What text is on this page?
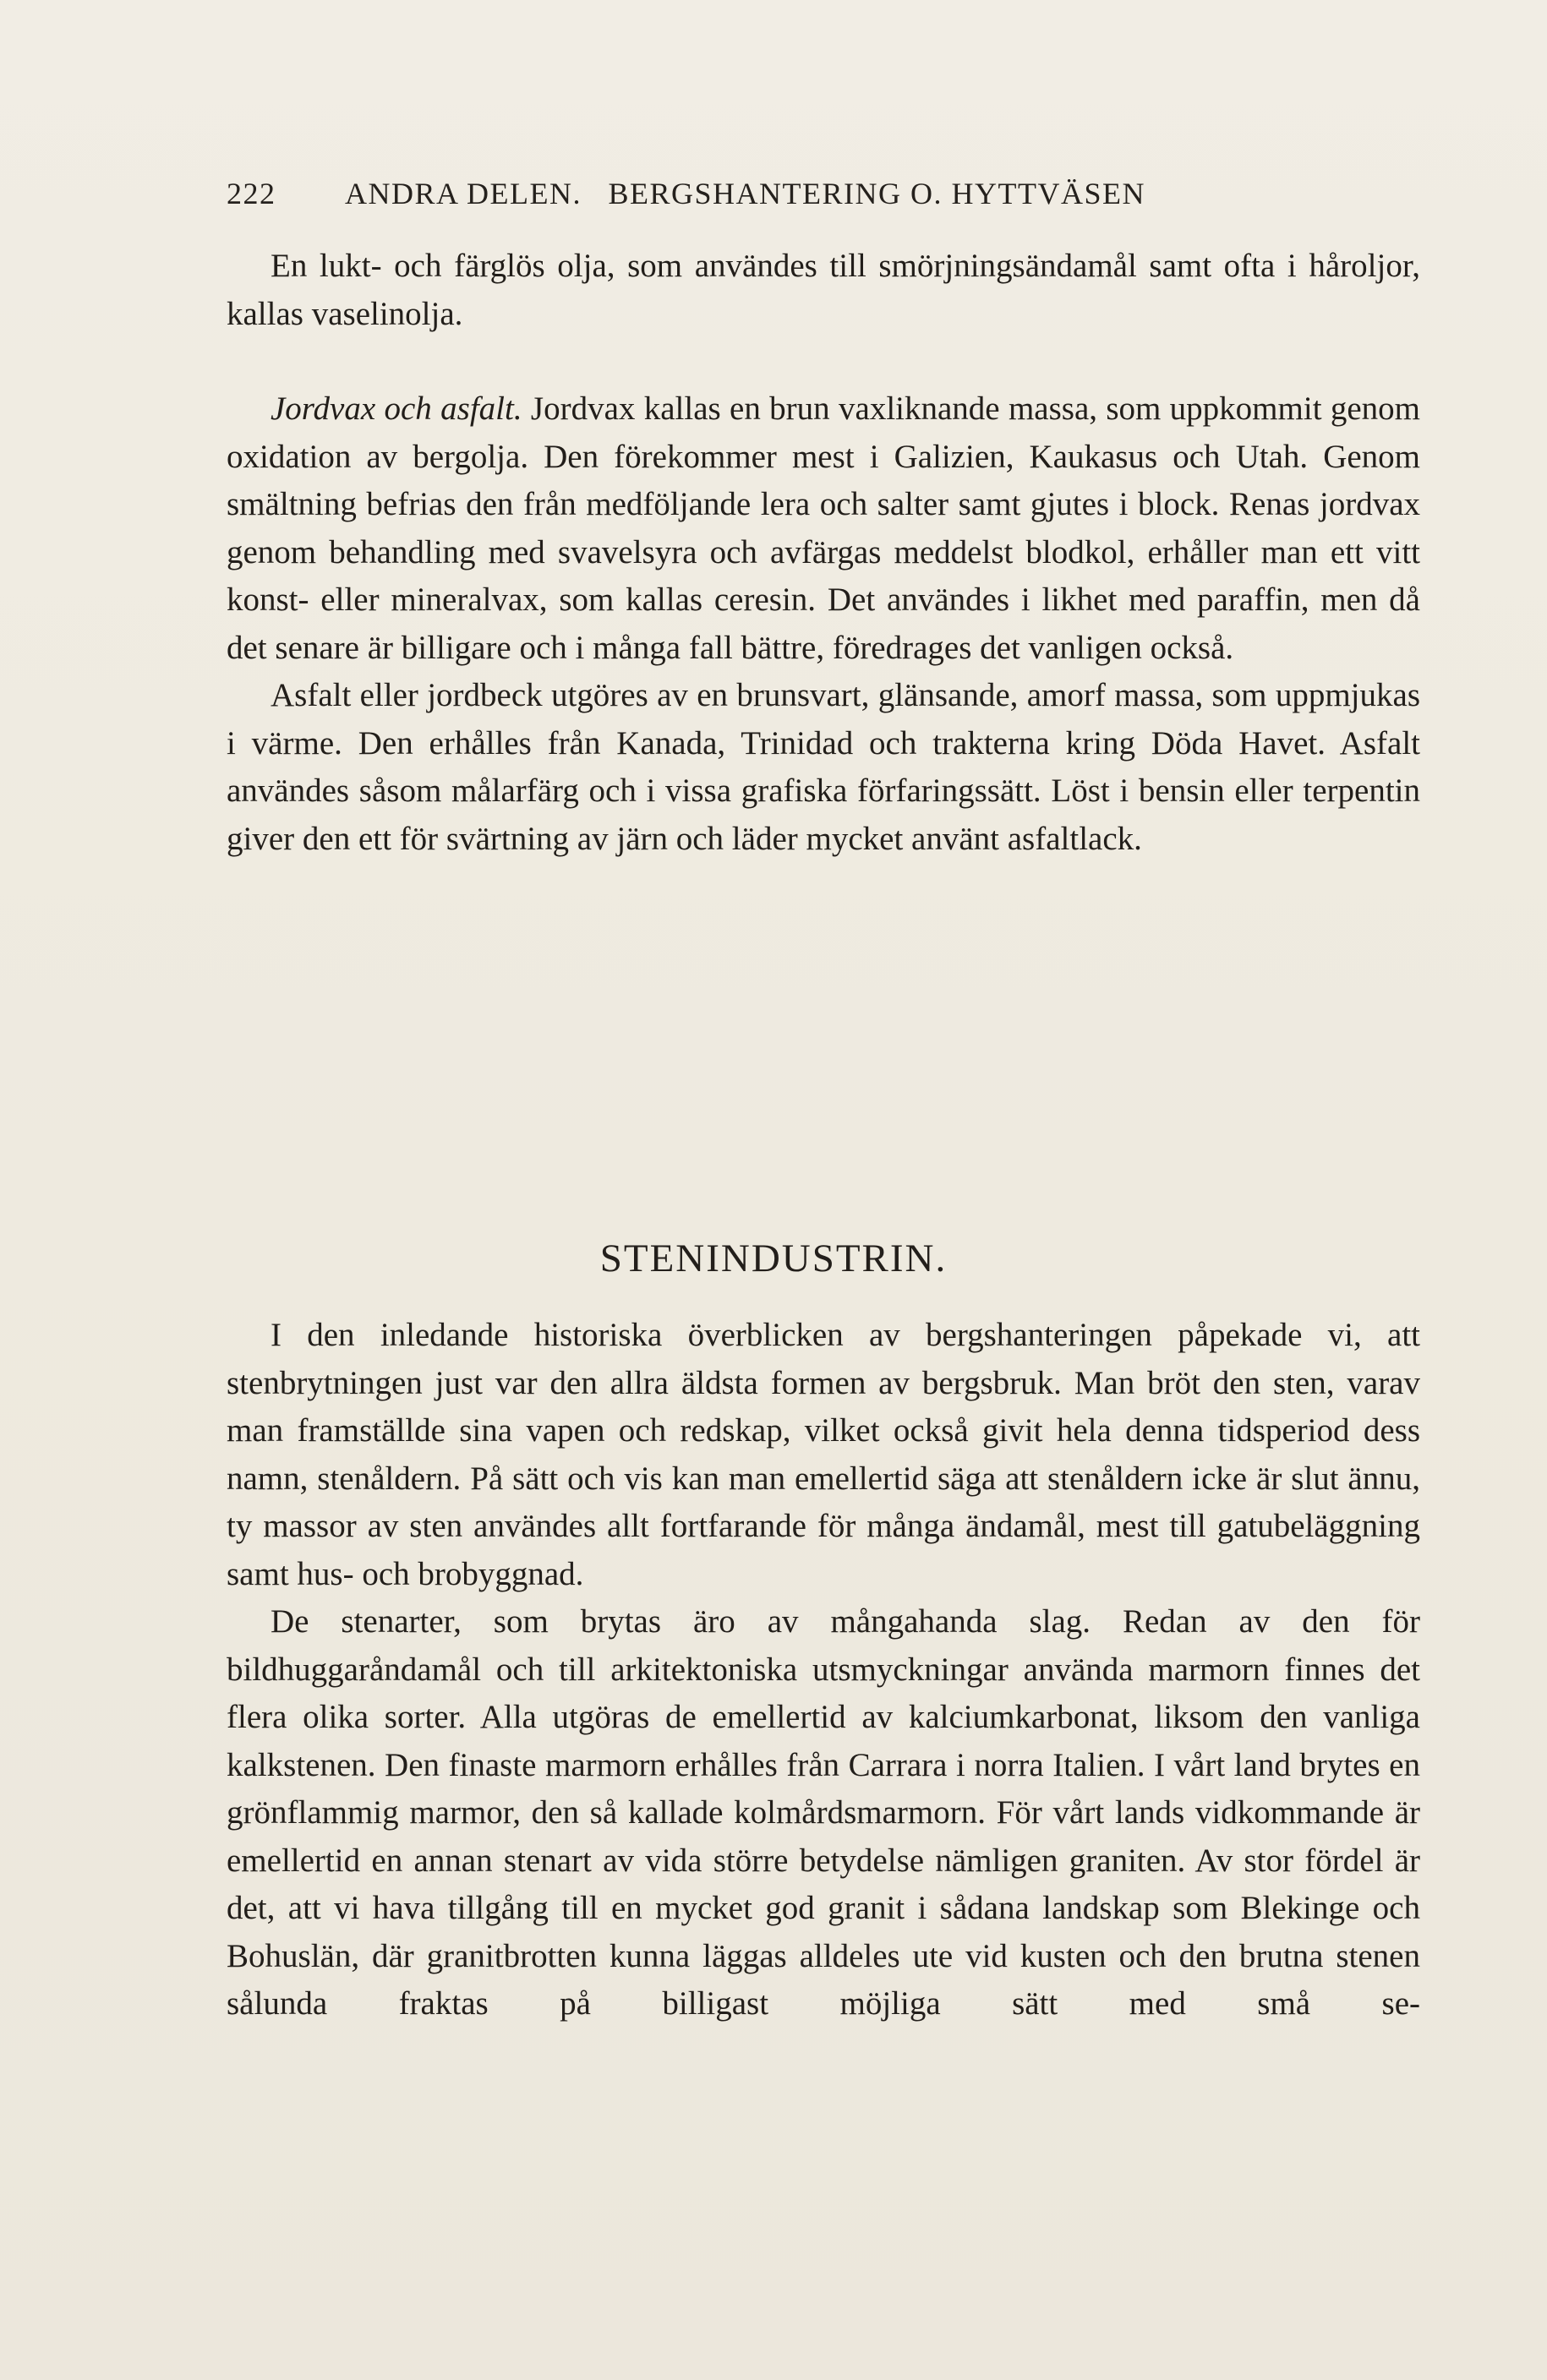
222 ANDRA DELEN.   BERGSHANTERING O. HYTTVÄSEN

En lukt- och färglös olja, som användes till smörjningsändamål samt ofta i håroljor, kallas vaselinolja.

Jordvax och asfalt. Jordvax kallas en brun vaxliknande massa, som uppkommit genom oxidation av bergolja. Den förekommer mest i Galizien, Kaukasus och Utah. Genom smältning befrias den från medföljande lera och salter samt gjutes i block. Renas jordvax genom behandling med svavelsyra och avfärgas meddelst blodkol, erhåller man ett vitt konst- eller mineralvax, som kallas ceresin. Det användes i likhet med paraffin, men då det senare är billigare och i många fall bättre, föredrages det vanligen också.

Asfalt eller jordbeck utgöres av en brunsvart, glänsande, amorf massa, som uppmjukas i värme. Den erhålles från Kanada, Trinidad och trakterna kring Döda Havet. Asfalt användes såsom målarfärg och i vissa grafiska förfaringssätt. Löst i bensin eller terpentin giver den ett för svärtning av järn och läder mycket använt asfaltlack.

STENINDUSTRIN.

I den inledande historiska överblicken av bergshanteringen påpekade vi, att stenbrytningen just var den allra äldsta formen av bergsbruk. Man bröt den sten, varav man framställde sina vapen och redskap, vilket också givit hela denna tidsperiod dess namn, stenåldern. På sätt och vis kan man emellertid säga att stenåldern icke är slut ännu, ty massor av sten användes allt fortfarande för många ändamål, mest till gatubeläggning samt hus- och brobyggnad.

De stenarter, som brytas äro av mångahanda slag. Redan av den för bildhuggaråndamål och till arkitektoniska utsmyckningar använda marmorn finnes det flera olika sorter. Alla utgöras de emellertid av kalciumkarbonat, liksom den vanliga kalkstenen. Den finaste marmorn erhålles från Carrara i norra Italien. I vårt land brytes en grönflammig marmor, den så kallade kolmårdsmarmorn. För vårt lands vidkommande är emellertid en annan stenart av vida större betydelse nämligen graniten. Av stor fördel är det, att vi hava tillgång till en mycket god granit i sådana landskap som Blekinge och Bohuslän, där granitbrotten kunna läggas alldeles ute vid kusten och den brutna stenen sålunda fraktas på billigast möjliga sätt med små se-
